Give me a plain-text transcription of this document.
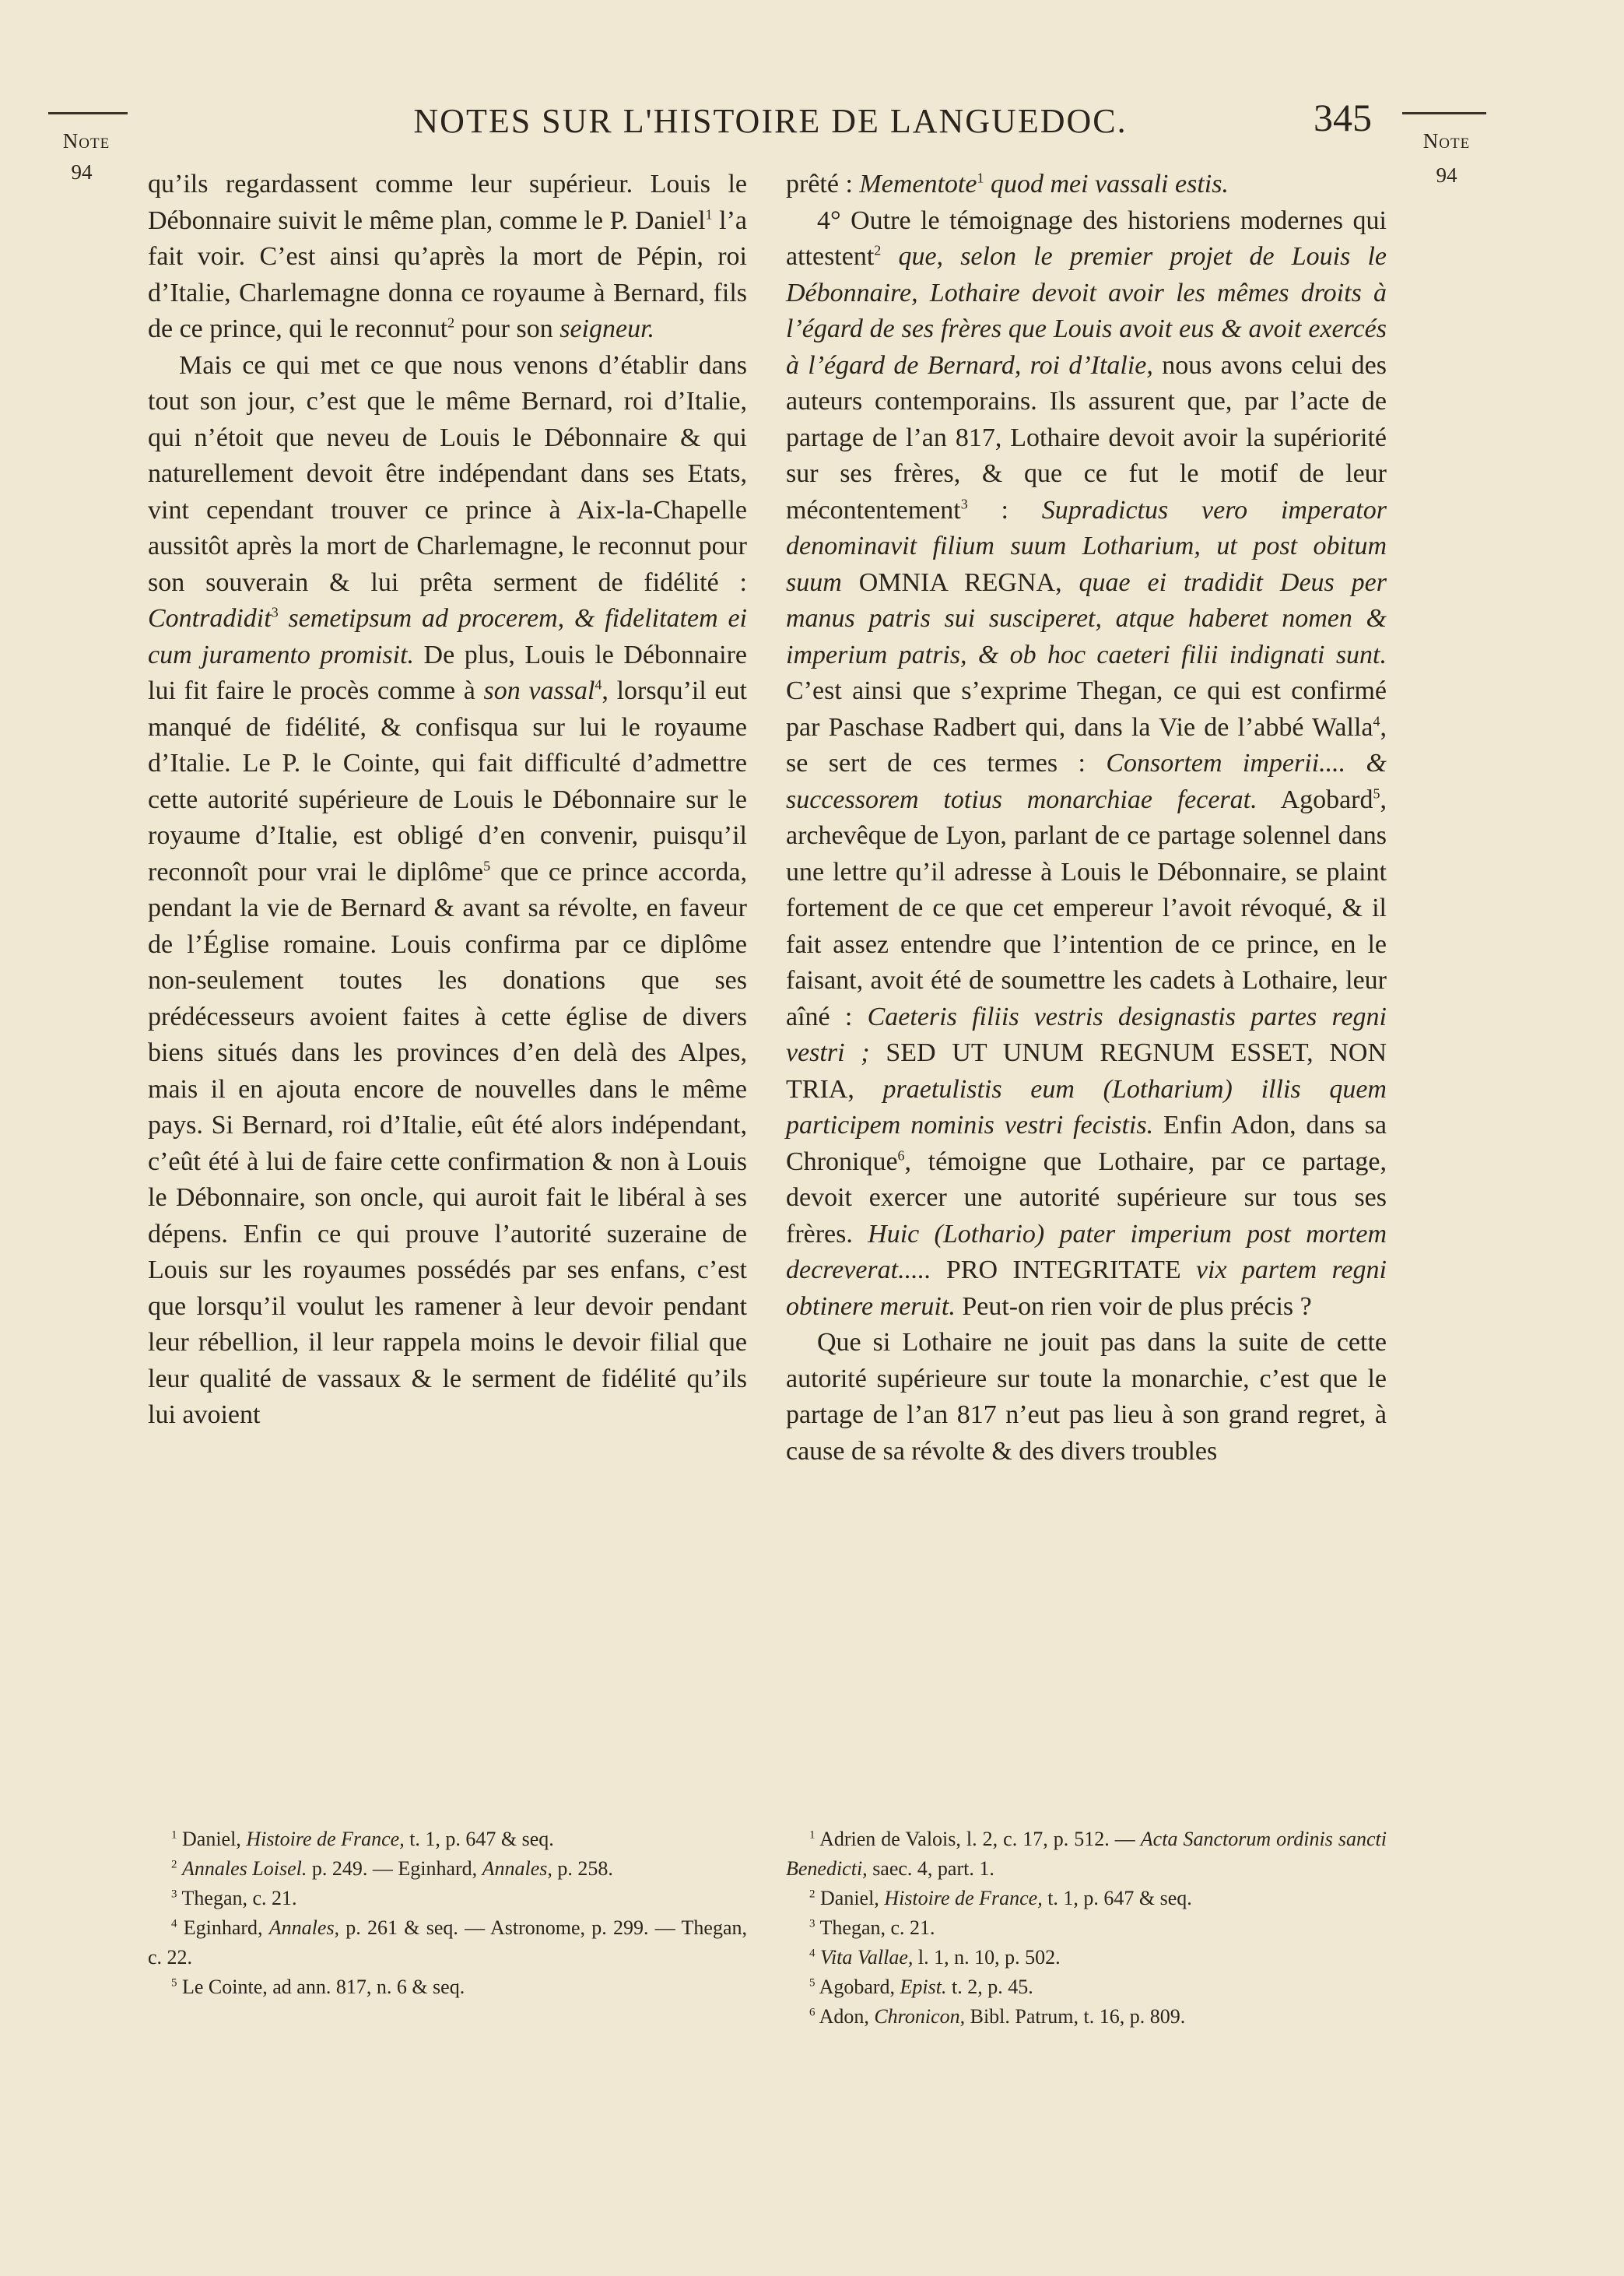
Note
94
Note
94
NOTES SUR L'HISTOIRE DE LANGUEDOC.	345

qu’ils regardassent comme leur supérieur. Louis le Débonnaire suivit le même plan, comme le P. Daniel$^1$ l’a fait voir. C’est ainsi qu’après la mort de Pépin, roi d’Italie, Charlemagne donna ce royaume à Bernard, fils de ce prince, qui le reconnut$^2$ pour son seigneur.

Mais ce qui met ce que nous venons d’établir dans tout son jour, c’est que le même Bernard, roi d’Italie, qui n’étoit que neveu de Louis le Débonnaire & qui naturellement devoit être indépendant dans ses Etats, vint cependant trouver ce prince à Aix-la-Chapelle aussitôt après la mort de Charlemagne, le reconnut pour son souverain & lui prêta serment de fidélité : Contradidit$^3$ semetipsum ad procerem, & fidelitatem ei cum juramento promisit. De plus, Louis le Débonnaire lui fit faire le procès comme à son vassal$^4$, lorsqu’il eut manqué de fidélité, & confisqua sur lui le royaume d’Italie. Le P. le Cointe, qui fait difficulté d’admettre cette autorité supérieure de Louis le Débonnaire sur le royaume d’Italie, est obligé d’en convenir, puisqu’il reconnoît pour vrai le diplôme$^5$ que ce prince accorda, pendant la vie de Bernard & avant sa révolte, en faveur de l’Église romaine. Louis confirma par ce diplôme non-seulement toutes les donations que ses prédécesseurs avoient faites à cette église de divers biens situés dans les provinces d’en delà des Alpes, mais il en ajouta encore de nouvelles dans le même pays. Si Bernard, roi d’Italie, eût été alors indépendant, c’eût été à lui de faire cette confirmation & non à Louis le Débonnaire, son oncle, qui auroit fait le libéral à ses dépens. Enfin ce qui prouve l’autorité suzeraine de Louis sur les royaumes possédés par ses enfans, c’est que lorsqu’il voulut les ramener à leur devoir pendant leur rébellion, il leur rappela moins le devoir filial que leur qualité de vassaux & le serment de fidélité qu’ils lui avoient

prêté : Mementote$^1$ quod mei vassali estis.

4° Outre le témoignage des historiens modernes qui attestent$^2$ que, selon le premier projet de Louis le Débonnaire, Lothaire devoit avoir les mêmes droits à l’égard de ses frères que Louis avoit eus & avoit exercés à l’égard de Bernard, roi d’Italie, nous avons celui des auteurs contemporains. Ils assurent que, par l’acte de partage de l’an 817, Lothaire devoit avoir la supériorité sur ses frères, & que ce fut le motif de leur mécontentement$^3$ : Supradictus vero imperator denominavit filium suum Lotharium, ut post obitum suum OMNIA REGNA, quae ei tradidit Deus per manus patris sui susciperet, atque haberet nomen & imperium patris, & ob hoc caeteri filii indignati sunt. C’est ainsi que s’exprime Thegan, ce qui est confirmé par Paschase Radbert qui, dans la Vie de l’abbé Walla$^4$, se sert de ces termes : Consortem imperii.... & successorem totius monarchiae fecerat. Agobard$^5$, archevêque de Lyon, parlant de ce partage solennel dans une lettre qu’il adresse à Louis le Débonnaire, se plaint fortement de ce que cet empereur l’avoit révoqué, & il fait assez entendre que l’intention de ce prince, en le faisant, avoit été de soumettre les cadets à Lothaire, leur aîné : Caeteris filiis vestris designastis partes regni vestri ; SED UT UNUM REGNUM ESSET, NON TRIA, praetulistis eum (Lotharium) illis quem participem nominis vestri fecistis. Enfin Adon, dans sa Chronique$^6$, témoigne que Lothaire, par ce partage, devoit exercer une autorité supérieure sur tous ses frères. Huic (Lothario) pater imperium post mortem decreverat..... PRO INTEGRITATE vix partem regni obtinere meruit. Peut-on rien voir de plus précis ?

Que si Lothaire ne jouit pas dans la suite de cette autorité supérieure sur toute la monarchie, c’est que le partage de l’an 817 n’eut pas lieu à son grand regret, à cause de sa révolte & des divers troubles

$^1$ Daniel, Histoire de France, t. 1, p. 647 & seq.

$^2$ Annales Loisel. p. 249. — Eginhard, Annales, p. 258.

$^3$ Thegan, c. 21.

$^4$ Eginhard, Annales, p. 261 & seq. — Astronome, p. 299. — Thegan, c. 22.

$^5$ Le Cointe, ad ann. 817, n. 6 & seq.

$^1$ Adrien de Valois, l. 2, c. 17, p. 512. — Acta Sanctorum ordinis sancti Benedicti, saec. 4, part. 1.

$^2$ Daniel, Histoire de France, t. 1, p. 647 & seq.

$^3$ Thegan, c. 21.

$^4$ Vita Vallae, l. 1, n. 10, p. 502.

$^5$ Agobard, Epist. t. 2, p. 45.

$^6$ Adon, Chronicon, Bibl. Patrum, t. 16, p. 809.
